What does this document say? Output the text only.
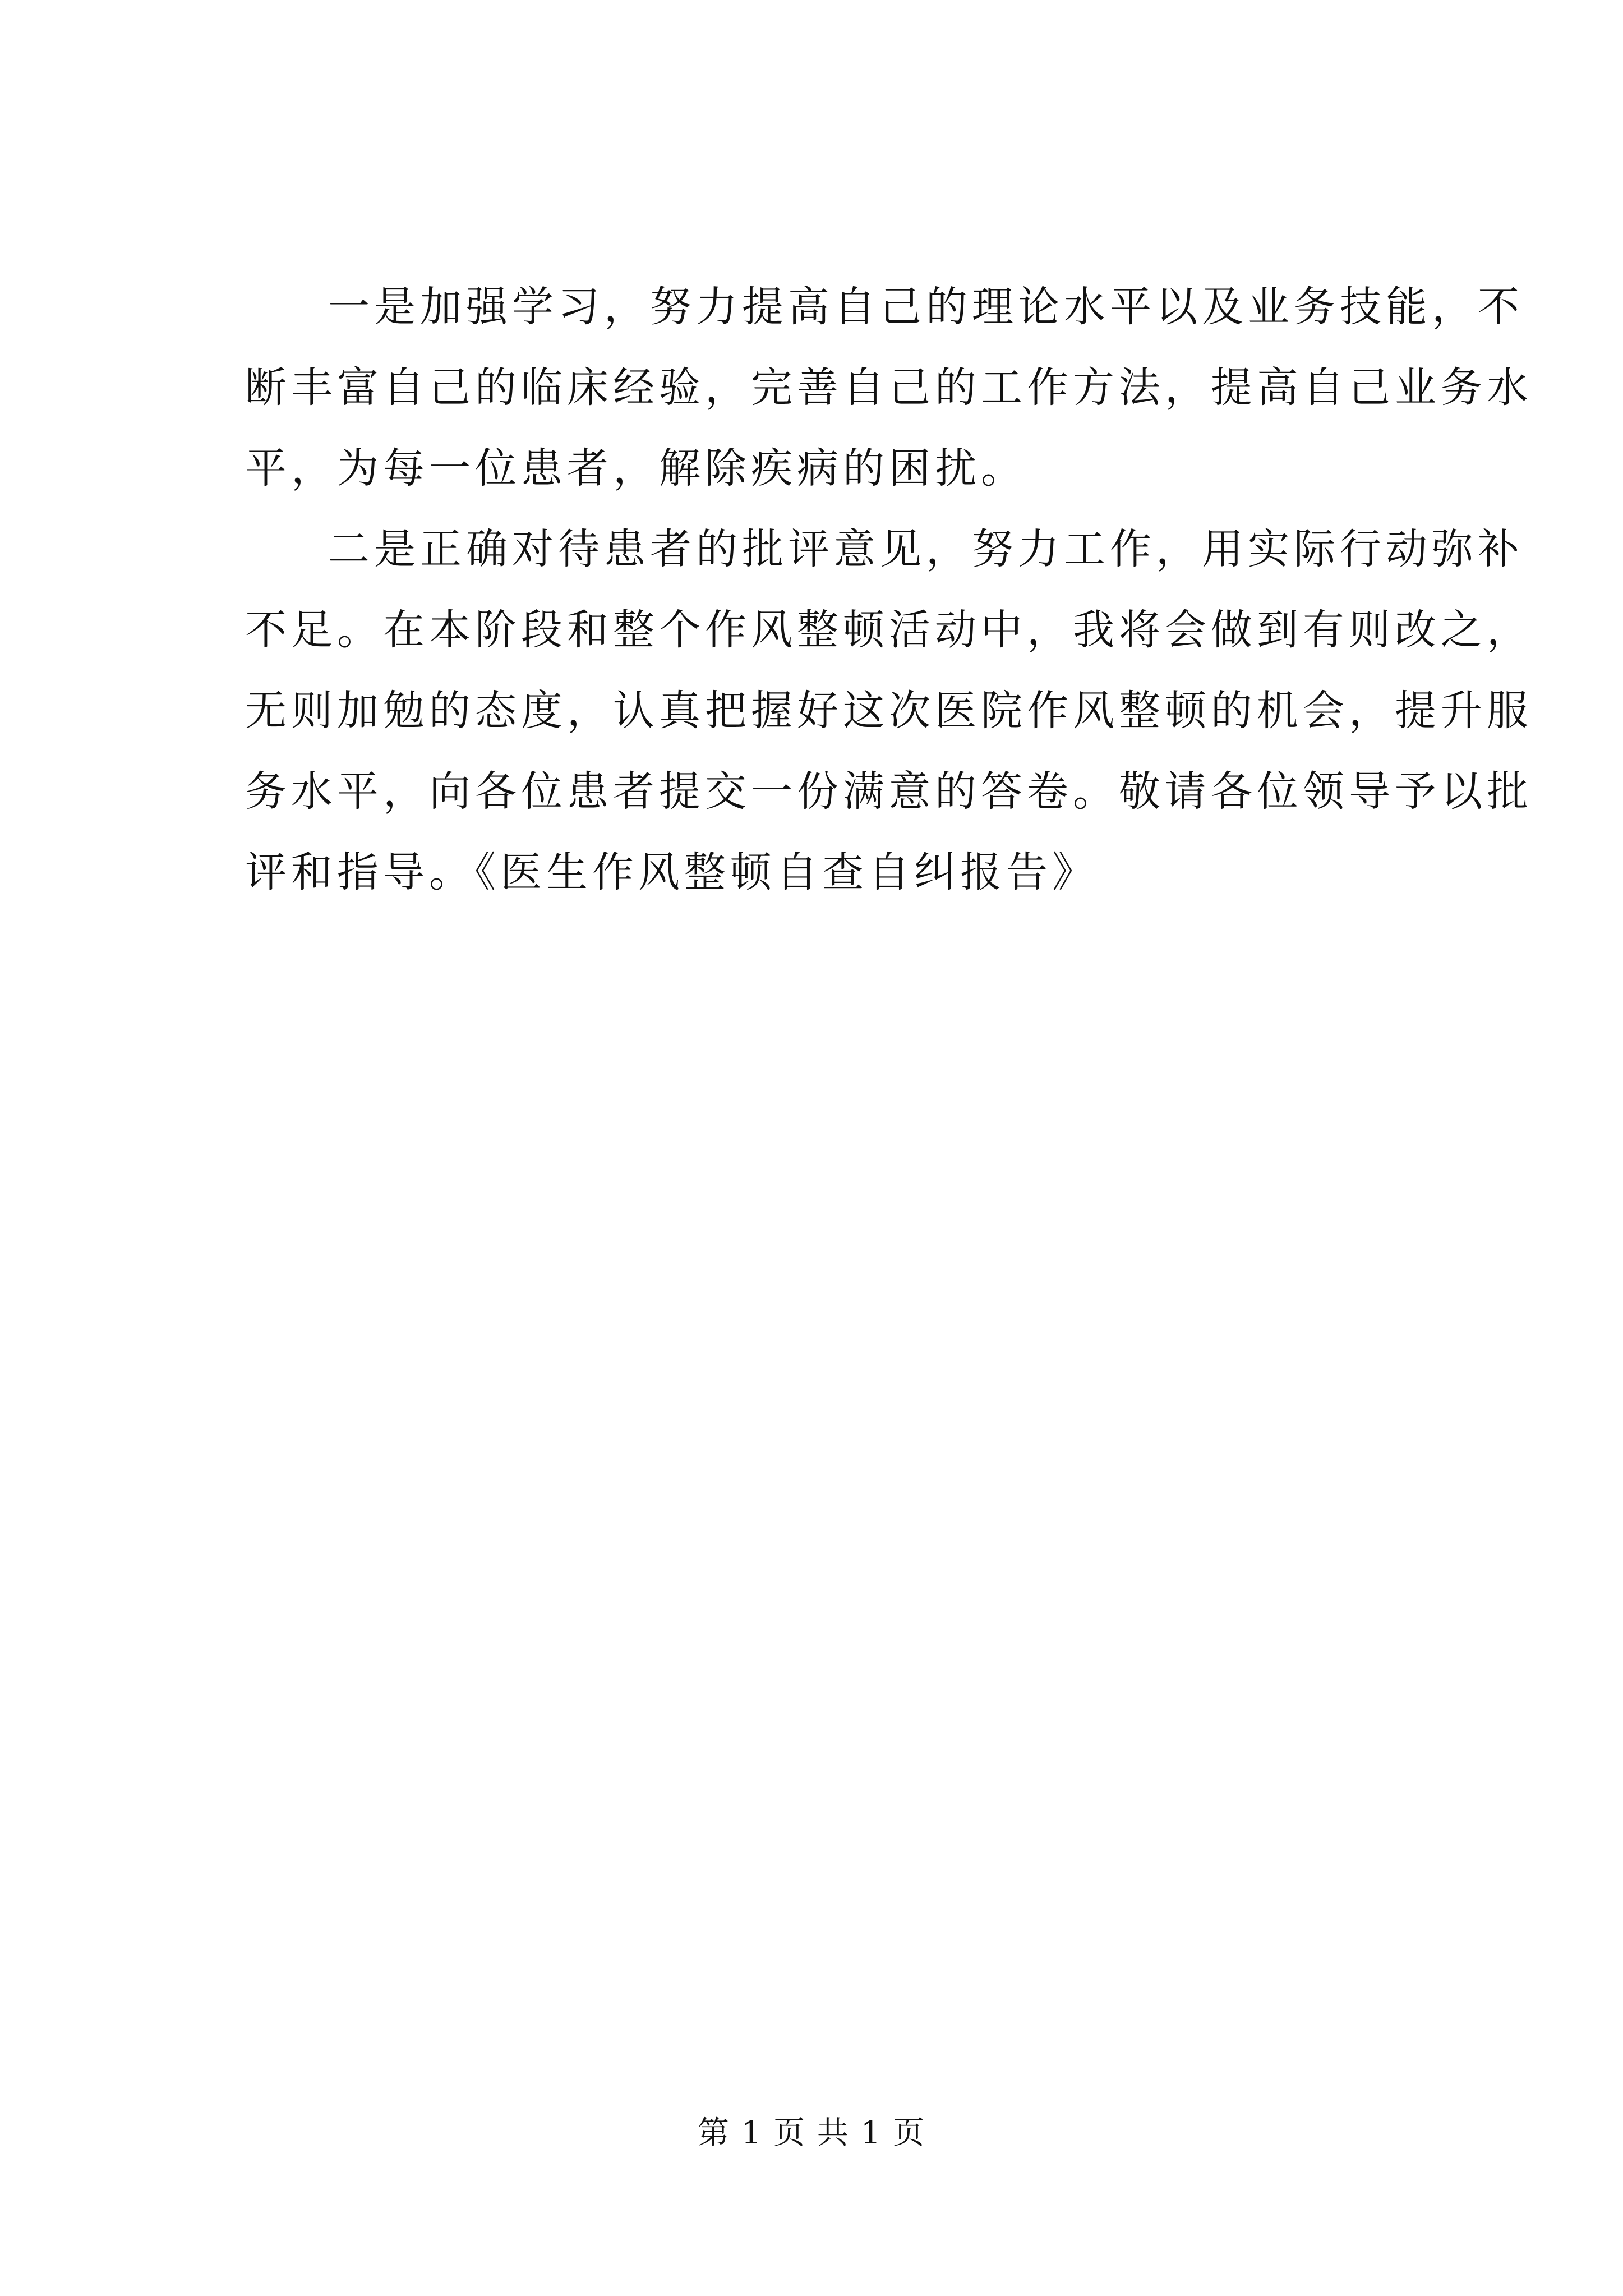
一是加强学习，努力提高自己的理论水平以及业务技能，不
断丰富自己的临床经验，完善自己的工作方法，提高自己业务水
平，为每一位患者，解除疾病的困扰。
二是正确对待患者的批评意见，努力工作，用实际行动弥补
不足。在本阶段和整个作风整顿活动中，我将会做到有则改之，
无则加勉的态度，认真把握好这次医院作风整顿的机会，提升服
务水平，向各位患者提交一份满意的答卷。敬请各位领导予以批
评和指导。《医生作风整顿自查自纠报告》
第 1 页 共 1 页
